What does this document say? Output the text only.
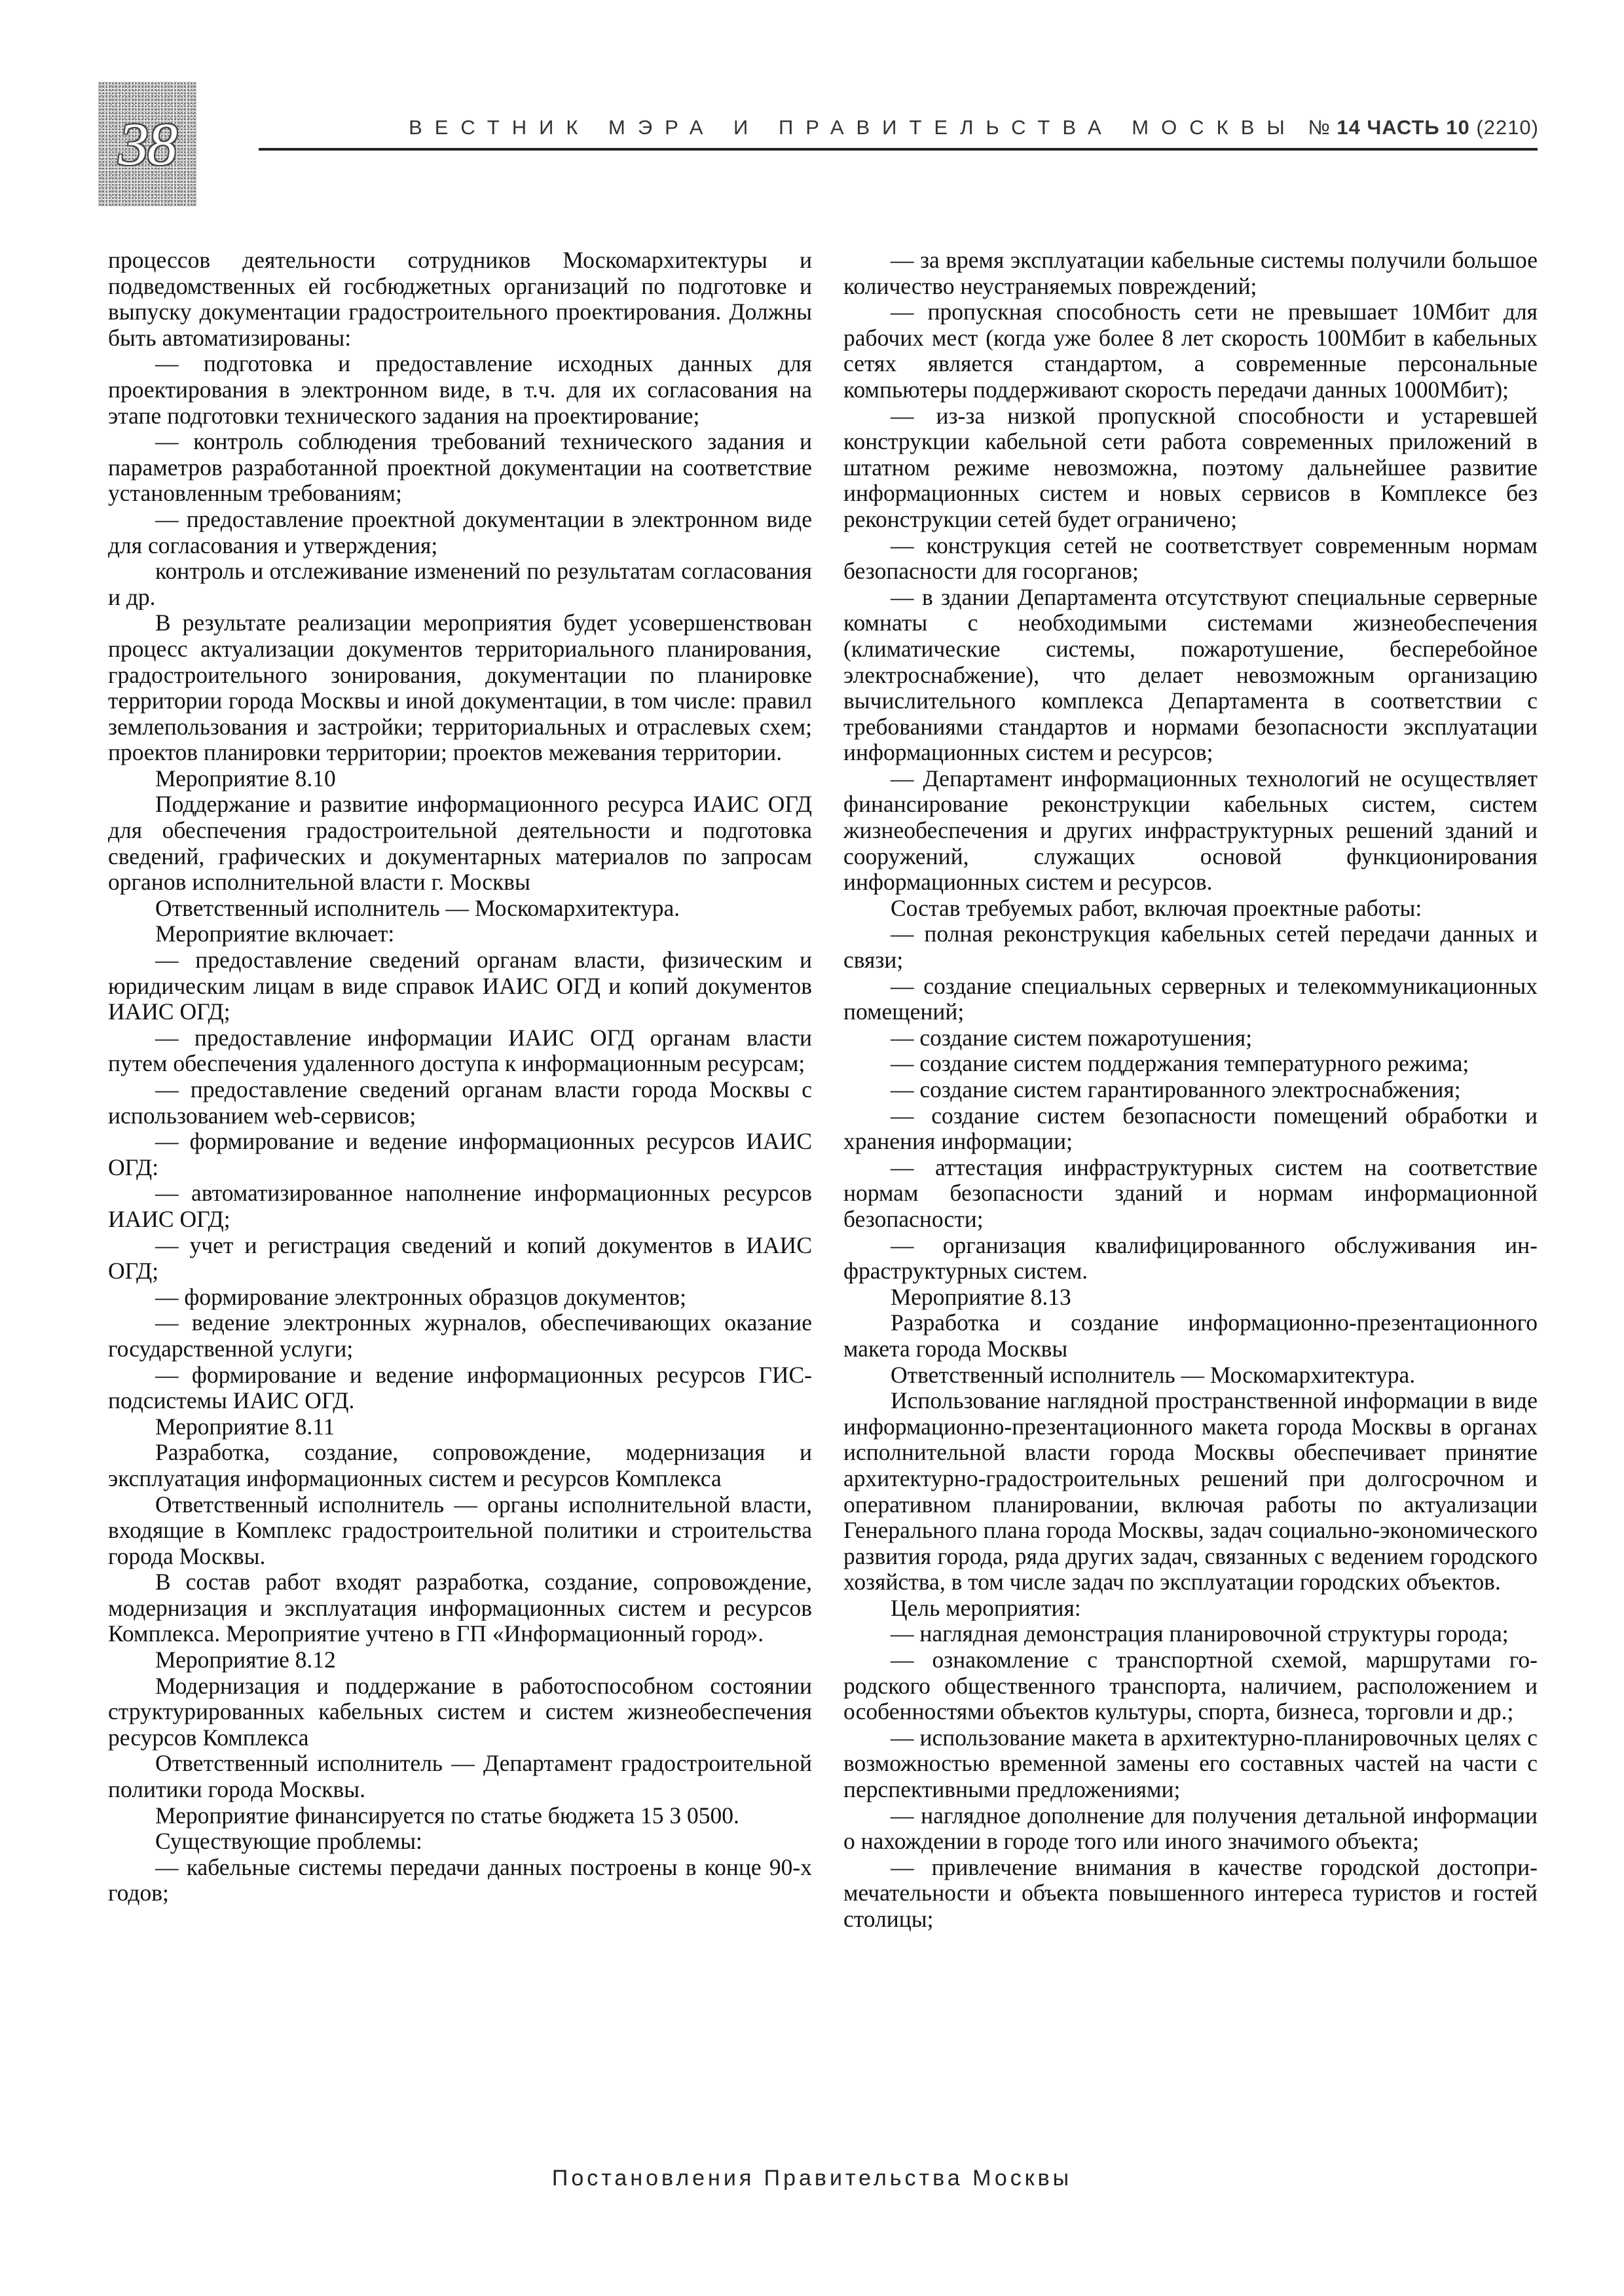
38	ВЕСТНИК МЭРА И ПРАВИТЕЛЬСТВА МОСКВЫ № 14 ЧАСТЬ 10 (2210)

процессов деятельности сотрудников Москомархитектуры и подведомственных ей госбюджетных организаций по подготовке и выпуску документации градостроительного проектирования. Должны быть автоматизированы:

— подготовка и предоставление исходных данных для проектирования в электронном виде, в т.ч. для их согласования на этапе подготовки технического задания на проектирование;

— контроль соблюдения требований технического задания и параметров разработанной проектной документации на соответствие установленным требованиям;

— предоставление проектной документации в электронном виде для согласования и утверждения;

контроль и отслеживание изменений по результатам согласования и др.

В результате реализации мероприятия будет усовершенствован процесс актуализации документов территориального планирования, градостроительного зонирования, документации по планировке территории города Москвы и иной документации, в том числе: правил землепользования и застройки; территориальных и отраслевых схем; проектов планировки территории; проектов межевания территории.

Мероприятие 8.10

Поддержание и развитие информационного ресурса ИАИС ОГД для обеспечения градостроительной деятельности и подготовка сведений, графических и документарных материалов по запросам органов исполнительной власти г. Москвы

Ответственный исполнитель — Москомархитектура.

Мероприятие включает:

— предоставление сведений органам власти, физическим и юридическим лицам в виде справок ИАИС ОГД и копий документов ИАИС ОГД;

— предоставление информации ИАИС ОГД органам власти путем обеспечения удаленного доступа к информационным ресурсам;

— предоставление сведений органам власти города Москвы с использованием web-сервисов;

— формирование и ведение информационных ресурсов ИАИС ОГД:

— автоматизированное наполнение информационных ресурсов ИАИС ОГД;

— учет и регистрация сведений и копий документов в ИАИС ОГД;

— формирование электронных образцов документов;

— ведение электронных журналов, обеспечивающих оказание государственной услуги;

— формирование и ведение информационных ресурсов ГИС-подсистемы ИАИС ОГД.

Мероприятие 8.11

Разработка, создание, сопровождение, модернизация и эксплуатация информационных систем и ресурсов Комплекса

Ответственный исполнитель — органы исполнительной власти, входящие в Комплекс градостроительной политики и строительства города Москвы.

В состав работ входят разработка, создание, сопровождение, модернизация и эксплуатация информационных систем и ресурсов Комплекса. Мероприятие учтено в ГП «Информационный город».

Мероприятие 8.12

Модернизация и поддержание в работоспособном состоянии структурированных кабельных систем и систем жизнеобеспечения ресурсов Комплекса

Ответственный исполнитель — Департамент градостроительной политики города Москвы.

Мероприятие финансируется по статье бюджета 15 3 0500.

Существующие проблемы:

— кабельные системы передачи данных построены в конце 90-х годов;

— за время эксплуатации кабельные системы получили большое количество неустраняемых повреждений;

— пропускная способность сети не превышает 10Мбит для рабочих мест (когда уже более 8 лет скорость 100Мбит в кабельных сетях является стандартом, а современные персональные компьютеры поддерживают скорость передачи данных 1000Мбит);

— из-за низкой пропускной способности и устаревшей конструкции кабельной сети работа современных приложений в штатном режиме невозможна, поэтому дальнейшее развитие информационных систем и новых сервисов в Комплексе без реконструкции сетей будет ограничено;

— конструкция сетей не соответствует современным нормам безопасности для госорганов;

— в здании Департамента отсутствуют специальные серверные комнаты с необходимыми системами жизнеобеспечения (климатические системы, пожаротушение, бесперебойное электроснабжение), что делает невозможным организацию вычислительного комплекса Департамента в соответствии с требованиями стандартов и нормами безопасности эксплуатации информационных систем и ресурсов;

— Департамент информационных технологий не осуществляет финансирование реконструкции кабельных систем, систем жизнеобеспечения и других инфраструктурных решений зданий и сооружений, служащих основой функционирования информационных систем и ресурсов.

Состав требуемых работ, включая проектные работы:

— полная реконструкция кабельных сетей передачи данных и связи;

— создание специальных серверных и телекоммуникационных помещений;

— создание систем пожаротушения;

— создание систем поддержания температурного режима;

— создание систем гарантированного электроснабжения;

— создание систем безопасности помещений обработки и хранения информации;

— аттестация инфраструктурных систем на соответствие нормам безопасности зданий и нормам информационной безопасности;

— организация квалифицированного обслуживания инфраструктурных систем.

Мероприятие 8.13

Разработка и создание информационно-презентационного макета города Москвы

Ответственный исполнитель — Москомархитектура.

Использование наглядной пространственной информации в виде информационно-презентационного макета города Москвы в органах исполнительной власти города Москвы обеспечивает принятие архитектурно-градостроительных решений при долгосрочном и оперативном планировании, включая работы по актуализации Генерального плана города Москвы, задач социально-экономического развития города, ряда других задач, связанных с ведением городского хозяйства, в том числе задач по эксплуатации городских объектов.

Цель мероприятия:

— наглядная демонстрация планировочной структуры города;

— ознакомление с транспортной схемой, маршрутами городского общественного транспорта, наличием, расположением и особенностями объектов культуры, спорта, бизнеса, торговли и др.;

— использование макета в архитектурно-планировочных целях с возможностью временной замены его составных частей на части с перспективными предложениями;

— наглядное дополнение для получения детальной информации о нахождении в городе того или иного значимого объекта;

— привлечение внимания в качестве городской достопримечательности и объекта повышенного интереса туристов и гостей столицы;

Постановления Правительства Москвы
